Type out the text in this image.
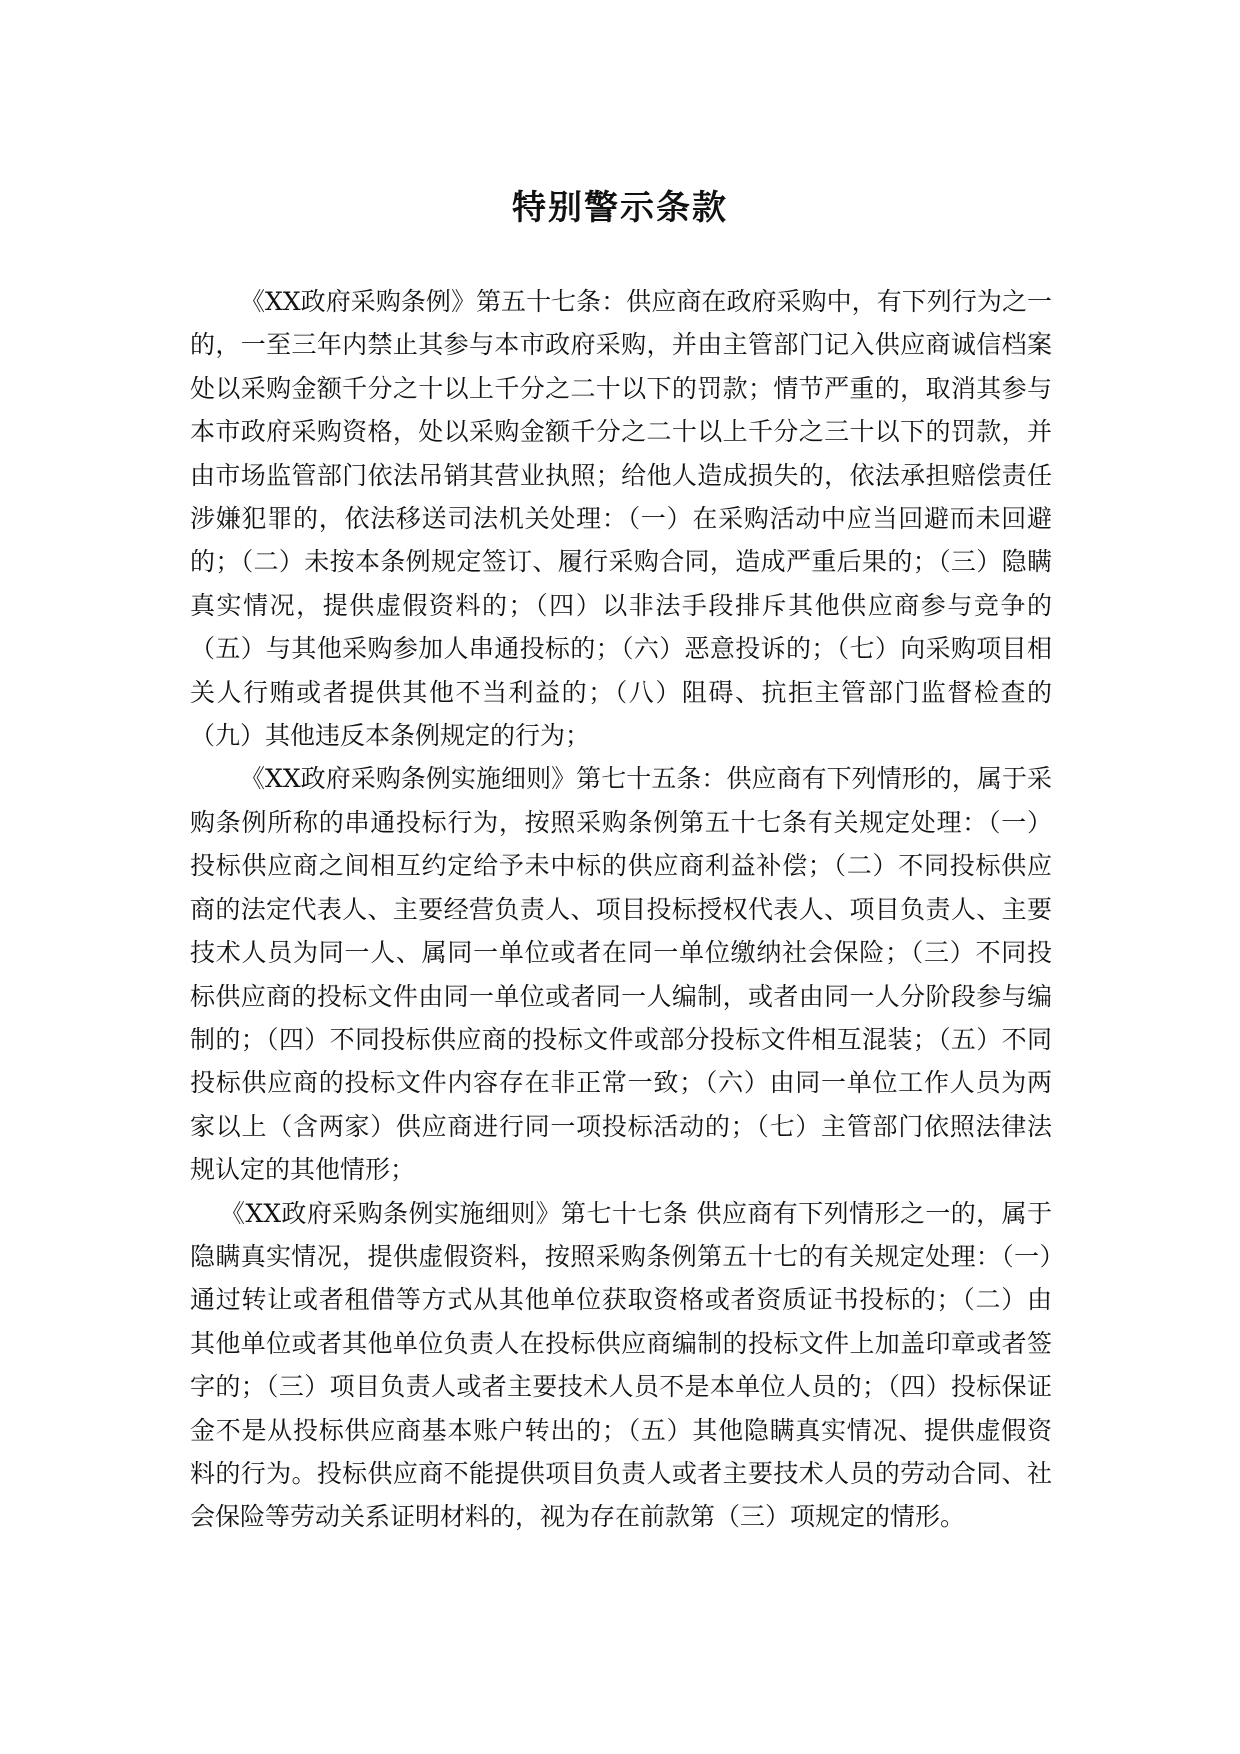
特别警示条款

《XX政府采购条例》第五十七条：供应商在政府采购中，有下列行为之一的，一至三年内禁止其参与本市政府采购，并由主管部门记入供应商诚信档案处以采购金额千分之十以上千分之二十以下的罚款；情节严重的，取消其参与本市政府采购资格，处以采购金额千分之二十以上千分之三十以下的罚款，并由市场监管部门依法吊销其营业执照；给他人造成损失的，依法承担赔偿责任涉嫌犯罪的，依法移送司法机关处理：（一）在采购活动中应当回避而未回避的；（二）未按本条例规定签订、履行采购合同，造成严重后果的；（三）隐瞒真实情况，提供虚假资料的；（四）以非法手段排斥其他供应商参与竞争的（五）与其他采购参加人串通投标的；（六）恶意投诉的；（七）向采购项目相关人行贿或者提供其他不当利益的；（八）阻碍、抗拒主管部门监督检查的（九）其他违反本条例规定的行为；

《XX政府采购条例实施细则》第七十五条：供应商有下列情形的，属于采购条例所称的串通投标行为，按照采购条例第五十七条有关规定处理：（一）投标供应商之间相互约定给予未中标的供应商利益补偿；（二）不同投标供应商的法定代表人、主要经营负责人、项目投标授权代表人、项目负责人、主要技术人员为同一人、属同一单位或者在同一单位缴纳社会保险；（三）不同投标供应商的投标文件由同一单位或者同一人编制，或者由同一人分阶段参与编制的；（四）不同投标供应商的投标文件或部分投标文件相互混装；（五）不同投标供应商的投标文件内容存在非正常一致；（六）由同一单位工作人员为两家以上（含两家）供应商进行同一项投标活动的；（七）主管部门依照法律法规认定的其他情形；

《XX政府采购条例实施细则》第七十七条 供应商有下列情形之一的，属于隐瞒真实情况，提供虚假资料，按照采购条例第五十七的有关规定处理：（一）通过转让或者租借等方式从其他单位获取资格或者资质证书投标的；（二）由其他单位或者其他单位负责人在投标供应商编制的投标文件上加盖印章或者签字的；（三）项目负责人或者主要技术人员不是本单位人员的；（四）投标保证金不是从投标供应商基本账户转出的；（五）其他隐瞒真实情况、提供虚假资料的行为。投标供应商不能提供项目负责人或者主要技术人员的劳动合同、社会保险等劳动关系证明材料的，视为存在前款第（三）项规定的情形。
